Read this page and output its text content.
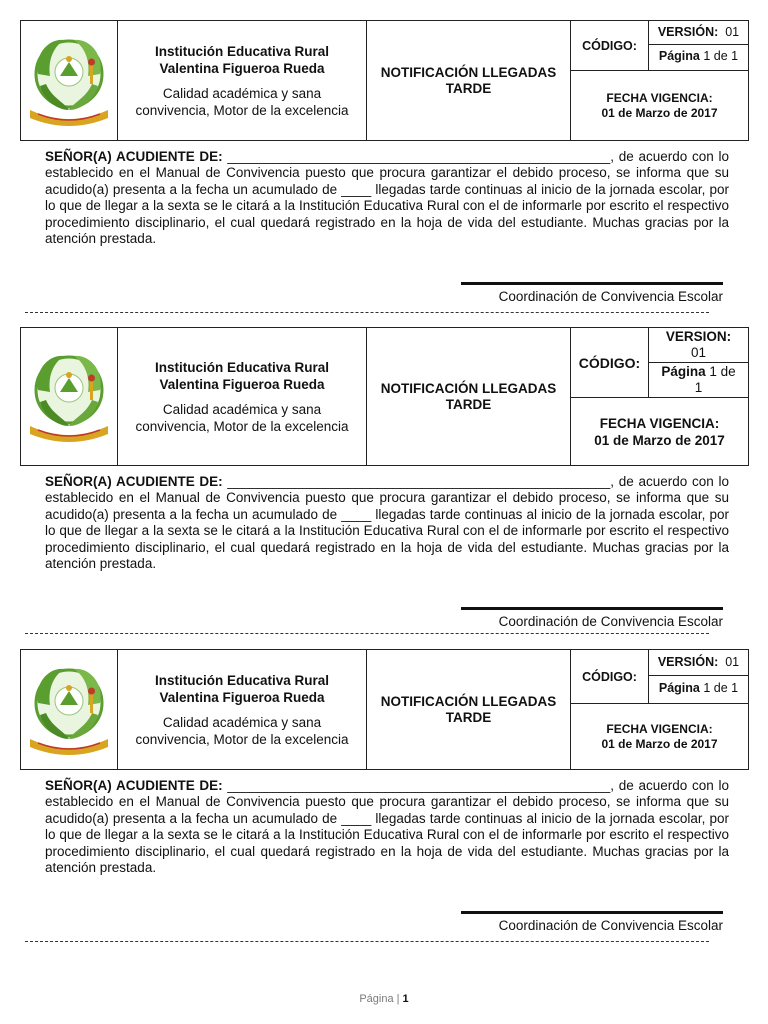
Institución Educativa Rural
Valentina Figueroa Rueda
Calidad académica y sana
convivencia, Motor de la excelencia
	NOTIFICACIÓN LLEGADAS
TARDE	CÓDIGO:	
VERSIÓN: 01
Página 1 de 1

FECHA VIGENCIA:
01 de Marzo de 2017
SEÑOR(A) ACUDIENTE DE: ___________________________________________________, de acuerdo con lo establecido en el Manual de Convivencia puesto que procura garantizar el debido proceso, se informa que su acudido(a) presenta a la fecha un acumulado de ____ llegadas tarde continuas al inicio de la jornada escolar, por lo que de llegar a la sexta se le citará a la Institución Educativa Rural con el de informarle por escrito el respectivo procedimiento disciplinario, el cual quedará registrado en la hoja de vida del estudiante. Muchas gracias por la atención prestada.
Coordinación de Convivencia Escolar

Institución Educativa Rural
Valentina Figueroa Rueda
Calidad académica y sana
convivencia, Motor de la excelencia
	NOTIFICACIÓN LLEGADAS
TARDE	CÓDIGO:	
VERSION:
01
Página 1 de
1

FECHA VIGENCIA:
01 de Marzo de 2017
SEÑOR(A) ACUDIENTE DE: ___________________________________________________, de acuerdo con lo establecido en el Manual de Convivencia puesto que procura garantizar el debido proceso, se informa que su acudido(a) presenta a la fecha un acumulado de ____ llegadas tarde continuas al inicio de la jornada escolar, por lo que de llegar a la sexta se le citará a la Institución Educativa Rural con el de informarle por escrito el respectivo procedimiento disciplinario, el cual quedará registrado en la hoja de vida del estudiante. Muchas gracias por la atención prestada.
Coordinación de Convivencia Escolar

Institución Educativa Rural
Valentina Figueroa Rueda
Calidad académica y sana
convivencia, Motor de la excelencia
	NOTIFICACIÓN LLEGADAS
TARDE	CÓDIGO:	
VERSIÓN: 01
Página 1 de 1

FECHA VIGENCIA:
01 de Marzo de 2017
SEÑOR(A) ACUDIENTE DE: ___________________________________________________, de acuerdo con lo establecido en el Manual de Convivencia puesto que procura garantizar el debido proceso, se informa que su acudido(a) presenta a la fecha un acumulado de ____ llegadas tarde continuas al inicio de la jornada escolar, por lo que de llegar a la sexta se le citará a la Institución Educativa Rural con el de informarle por escrito el respectivo procedimiento disciplinario, el cual quedará registrado en la hoja de vida del estudiante. Muchas gracias por la atención prestada.
Coordinación de Convivencia Escolar
Página | 1
